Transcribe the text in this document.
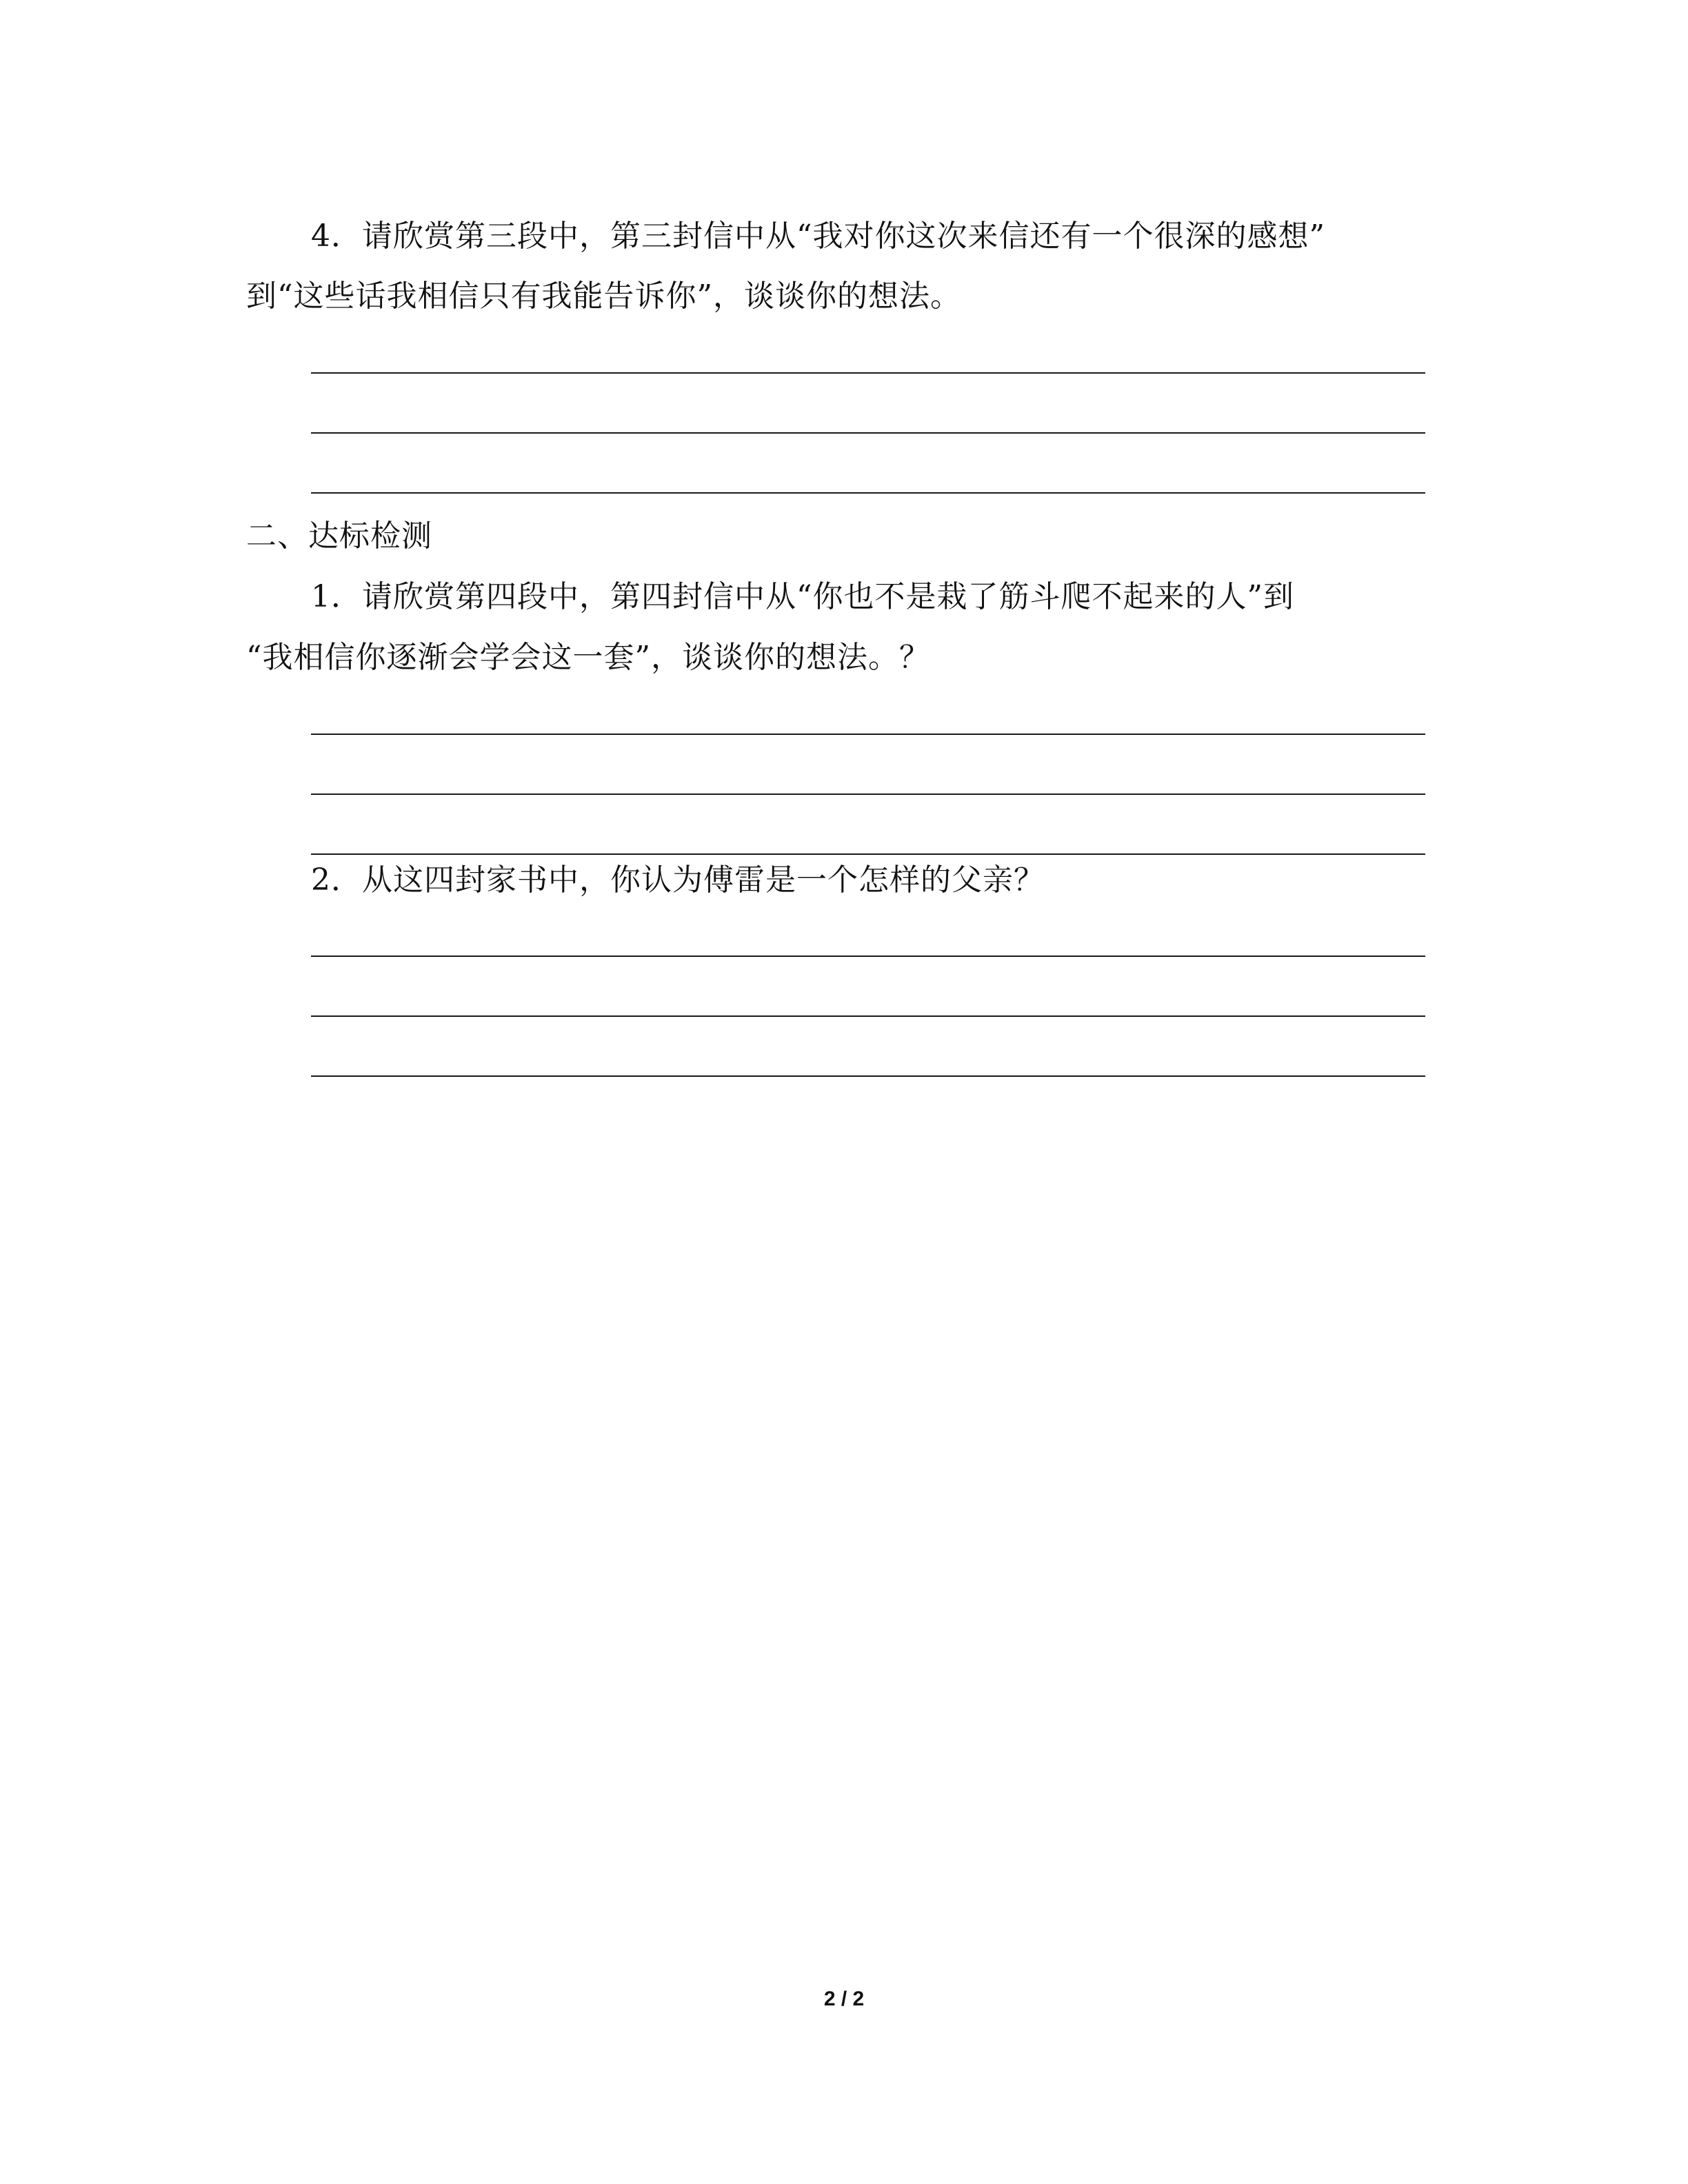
4．请欣赏第三段中，第三封信中从“我对你这次来信还有一个很深的感想”
到“这些话我相信只有我能告诉你”，谈谈你的想法。
二、达标检测
1．请欣赏第四段中，第四封信中从“你也不是栽了筋斗爬不起来的人”到
“我相信你逐渐会学会这一套”，谈谈你的想法。？
2．从这四封家书中，你认为傅雷是一个怎样的父亲？
2 / 2
